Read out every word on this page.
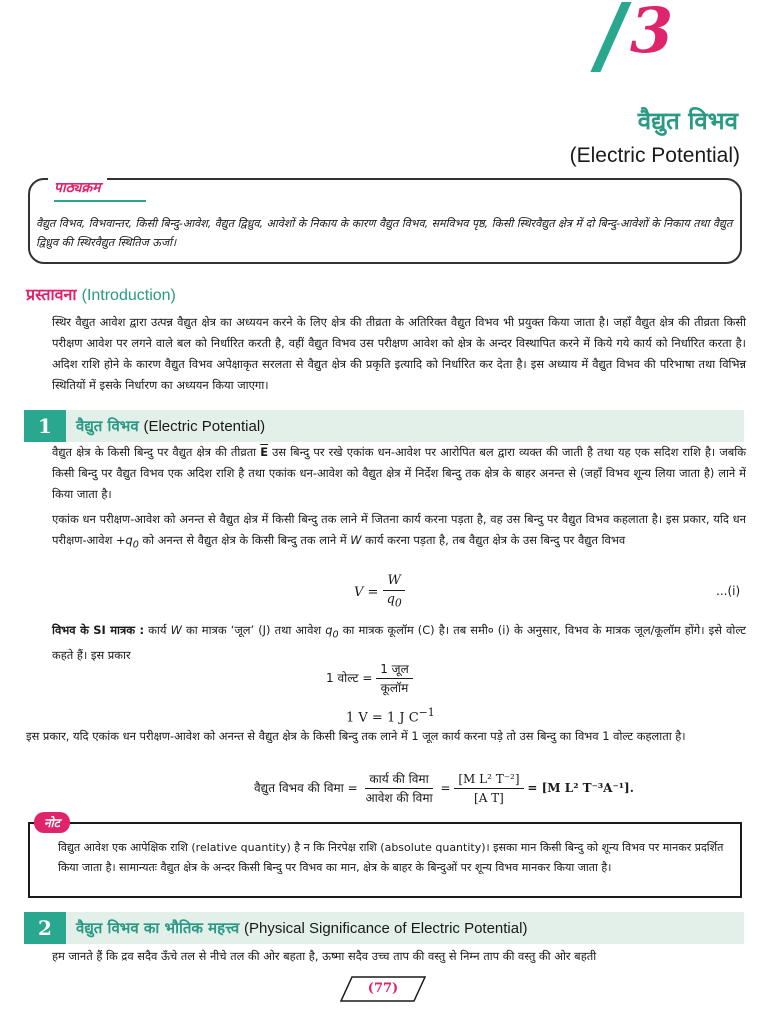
3
वैद्युत विभव
(Electric Potential)
पाठ्यक्रम
वैद्युत विभव, विभवान्तर, किसी बिन्दु-आवेश, वैद्युत द्विध्रुव, आवेशों के निकाय के कारण वैद्युत विभव, समविभव पृष्ठ, किसी स्थिरवैद्युत क्षेत्र में दो बिन्दु-आवेशों के निकाय तथा वैद्युत द्विध्रुव की स्थिरवैद्युत स्थितिज ऊर्जा।
प्रस्तावना (Introduction)
स्थिर वैद्युत आवेश द्वारा उत्पन्न वैद्युत क्षेत्र का अध्ययन करने के लिए क्षेत्र की तीव्रता के अतिरिक्त वैद्युत विभव भी प्रयुक्त किया जाता है। जहाँ वैद्युत क्षेत्र की तीव्रता किसी परीक्षण आवेश पर लगने वाले बल को निर्धारित करती है, वहीं वैद्युत विभव उस परीक्षण आवेश को क्षेत्र के अन्दर विस्थापित करने में किये गये कार्य को निर्धारित करता है। अदिश राशि होने के कारण वैद्युत विभव अपेक्षाकृत सरलता से वैद्युत क्षेत्र की प्रकृति इत्यादि को निर्धारित कर देता है। इस अध्याय में वैद्युत विभव की परिभाषा तथा विभिन्न स्थितियों में इसके निर्धारण का अध्ययन किया जाएगा।
1	वैद्युत विभव (Electric Potential)
वैद्युत क्षेत्र के किसी बिन्दु पर वैद्युत क्षेत्र की तीव्रता $\overline{E}$ उस बिन्दु पर रखे एकांक धन-आवेश पर आरोपित बल द्वारा व्यक्त की जाती है तथा यह एक सदिश राशि है। जबकि किसी बिन्दु पर वैद्युत विभव एक अदिश राशि है तथा एकांक धन-आवेश को वैद्युत क्षेत्र में निर्देश बिन्दु तक क्षेत्र के बाहर अनन्त से (जहाँ विभव शून्य लिया जाता है) लाने में किया जाता है।
एकांक धन परीक्षण-आवेश को अनन्त से वैद्युत क्षेत्र में किसी बिन्दु तक लाने में जितना कार्य करना पड़ता है, वह उस बिन्दु पर वैद्युत विभव कहलाता है। इस प्रकार, यदि धन परीक्षण-आवेश $+q_0$ को अनन्त से वैद्युत क्षेत्र के किसी बिन्दु तक लाने में W कार्य करना पड़ता है, तब वैद्युत क्षेत्र के उस बिन्दु पर वैद्युत विभव
$V = \frac{W}{q_0}$	...(i)
विभव के SI मात्रक : कार्य W का मात्रक ‘जूल’ (J) तथा आवेश $q_0$ का मात्रक कूलॉम (C) है। तब समी० (i) के अनुसार, विभव के मात्रक जूल/कूलॉम होंगे। इसे वोल्ट कहते हैं। इस प्रकार
1 वोल्ट = $\frac{\text{1 जूल}}{\text{कूलॉम}}$
1 V = 1 J $C^{-1}$
इस प्रकार, यदि एकांक धन परीक्षण-आवेश को अनन्त से वैद्युत क्षेत्र के किसी बिन्दु तक लाने में 1 जूल कार्य करना पड़े तो उस बिन्दु का विभव 1 वोल्ट कहलाता है।
वैद्युत विभव की विमा = $\frac{\text{कार्य की विमा}}{\text{आवेश की विमा}} = \frac{\text{[M L² T⁻²]}}{\text{[A T]}} = [M$ L² T⁻³A⁻¹].
नोट
विद्युत आवेश एक आपेक्षिक राशि (relative quantity) है न कि निरपेक्ष राशि (absolute quantity)। इसका मान किसी बिन्दु को शून्य विभव पर मानकर प्रदर्शित किया जाता है। सामान्यतः वैद्युत क्षेत्र के अन्दर किसी बिन्दु पर विभव का मान, क्षेत्र के बाहर के बिन्दुओं पर शून्य विभव मानकर किया जाता है।
2	वैद्युत विभव का भौतिक महत्त्व (Physical Significance of Electric Potential)
हम जानते हैं कि द्रव सदैव ऊँचे तल से नीचे तल की ओर बहता है, ऊष्मा सदैव उच्च ताप की वस्तु से निम्न ताप की वस्तु की ओर बहती
(77)
